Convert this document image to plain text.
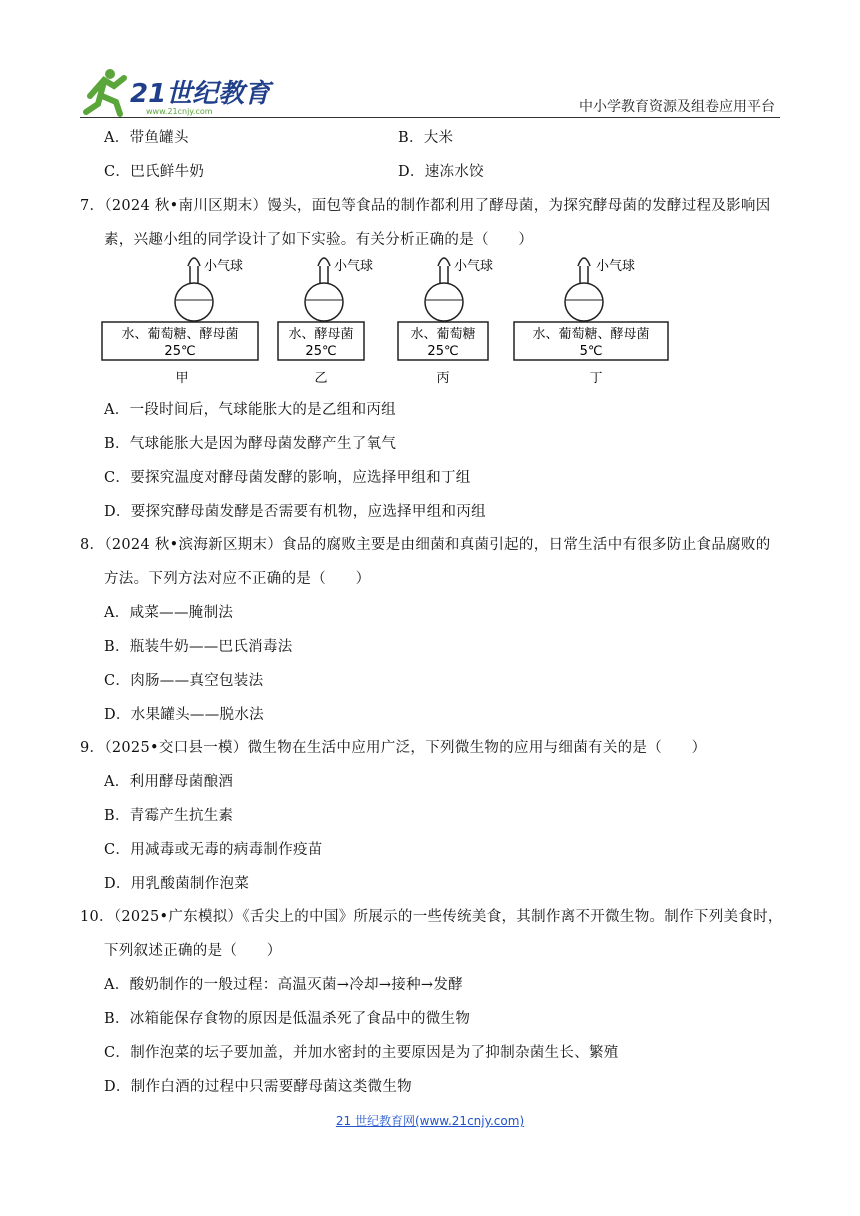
21世纪教育
www.21cnjy.com	中小学教育资源及组卷应用平台
A．带鱼罐头	B．大米
C．巴氏鲜牛奶	D．速冻水饺
7．（2024 秋•南川区期末）馒头，面包等食品的制作都利用了酵母菌，为探究酵母菌的发酵过程及影响因
素，兴趣小组的同学设计了如下实验。有关分析正确的是（　　）
小气球
水、葡萄糖、酵母菌
25℃
甲
小气球
水、酵母菌
25℃
乙
小气球
水、葡萄糖
25℃
丙
小气球
水、葡萄糖、酵母菌
5℃
丁
A．一段时间后，气球能胀大的是乙组和丙组
B．气球能胀大是因为酵母菌发酵产生了氧气
C．要探究温度对酵母菌发酵的影响，应选择甲组和丁组
D．要探究酵母菌发酵是否需要有机物，应选择甲组和丙组
8．（2024 秋•滨海新区期末）食品的腐败主要是由细菌和真菌引起的，日常生活中有很多防止食品腐败的
方法。下列方法对应不正确的是（　　）
A．咸菜——腌制法
B．瓶装牛奶——巴氏消毒法
C．肉肠——真空包装法
D．水果罐头——脱水法
9．（2025•交口县一模）微生物在生活中应用广泛，下列微生物的应用与细菌有关的是（　　）
A．利用酵母菌酿酒
B．青霉产生抗生素
C．用减毒或无毒的病毒制作疫苗
D．用乳酸菌制作泡菜
10．（2025•广东模拟）《舌尖上的中国》所展示的一些传统美食，其制作离不开微生物。制作下列美食时，
下列叙述正确的是（　　）
A．酸奶制作的一般过程：高温灭菌→冷却→接种→发酵
B．冰箱能保存食物的原因是低温杀死了食品中的微生物
C．制作泡菜的坛子要加盖，并加水密封的主要原因是为了抑制杂菌生长、繁殖
D．制作白酒的过程中只需要酵母菌这类微生物
21 世纪教育网(www.21cnjy.com)
